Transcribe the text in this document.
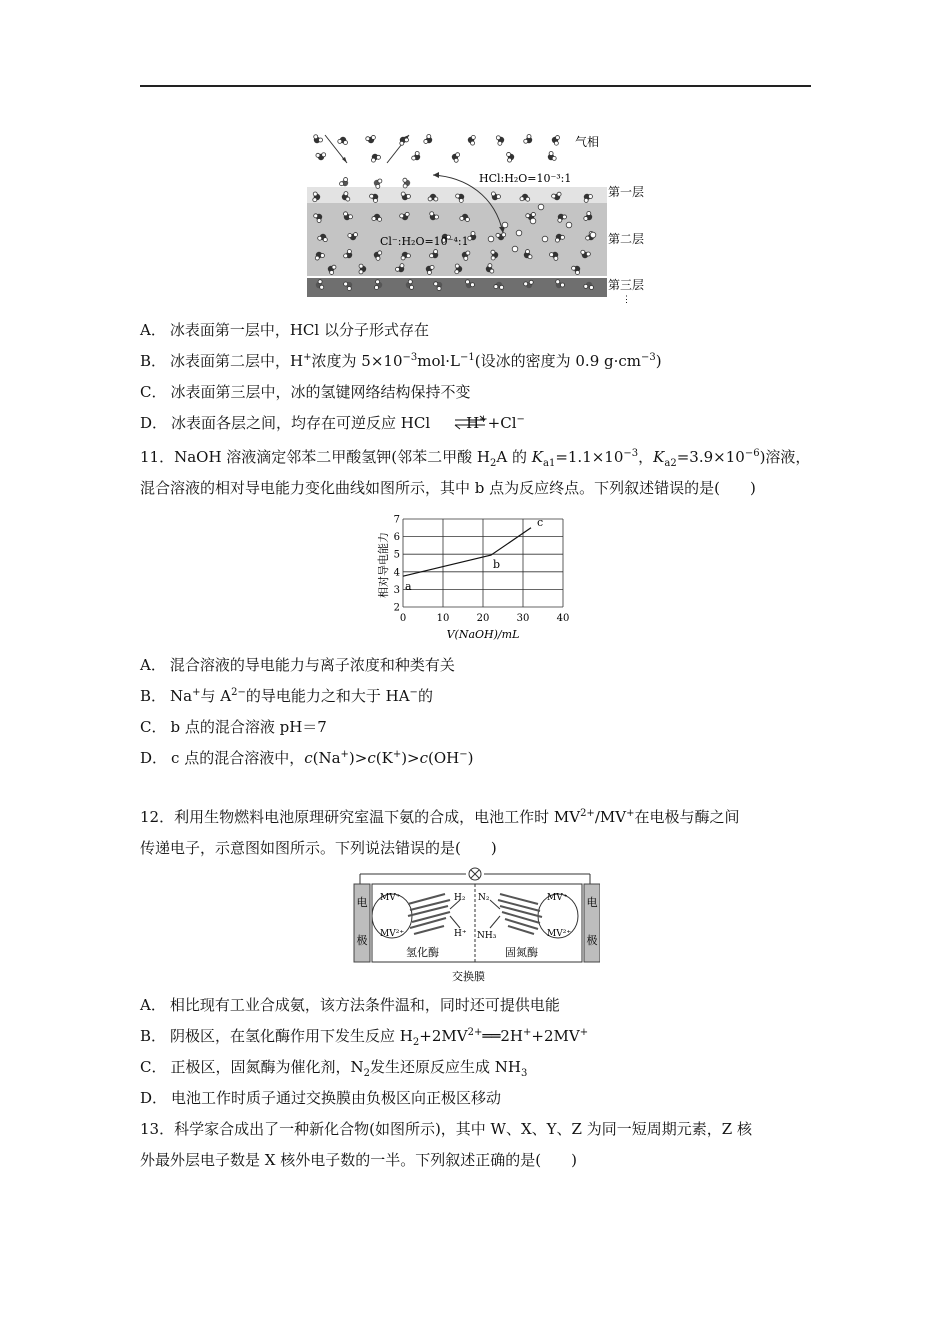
HCl:H₂O=10⁻³:1
Cl⁻:H₂O=10⁻⁴:1
气相
第一层
第二层
第三层
⋮
A． 冰表面第一层中，HCl 以分子形式存在
B． 冰表面第二层中，H+浓度为 $5\times 10^{-3}mol\cdot L^{-1}$(设冰的密度为 0.9 $g\cdot cm^{-3}$)
C． 冰表面第三层中，冰的氢键网络结构保持不变
D． 冰表面各层之间，均存在可逆反应 HCl H++Cl−
11．NaOH 溶液滴定邻苯二甲酸氢钾(邻苯二甲酸 $H_2A$ 的 $K_{a1}=1.1\times 10^{-3}$，$K_{a2}=3.9\times 10^{-6}$)溶液，
混合溶液的相对导电能力变化曲线如图所示，其中 b 点为反应终点。下列叙述错误的是(　　)
0	10	20	30	40
2
3
4
5
6
7
a
b
c
相对导电能力
V(NaOH)/mL
A． 混合溶液的导电能力与离子浓度和种类有关
B． Na+与 $A^{2-}$的导电能力之和大于 HA−的
C． b 点的混合溶液 pH＝7
D． c 点的混合溶液中，c(Na+)>c(K+)>c(OH−)
12．利用生物燃料电池原理研究室温下氨的合成，电池工作时 $MV^{2+}/MV^+$在电极与酶之间
传递电子，示意图如图所示。下列说法错误的是(　　)
电
极
电
极
MV⁺
MV²⁺
H₂
H⁺
N₂
NH₃
MV⁺
MV²⁺
氢化酶	固氮酶
交换膜
A． 相比现有工业合成氨，该方法条件温和，同时还可提供电能
B． 阴极区，在氢化酶作用下发生反应 $H_2+2MV^{2+}══2H^++2MV^+$
C． 正极区，固氮酶为催化剂，$N_2$发生还原反应生成 $NH_3$
D． 电池工作时质子通过交换膜由负极区向正极区移动
13．科学家合成出了一种新化合物(如图所示)，其中 W、X、Y、Z 为同一短周期元素，Z 核
外最外层电子数是 X 核外电子数的一半。下列叙述正确的是(　　)
